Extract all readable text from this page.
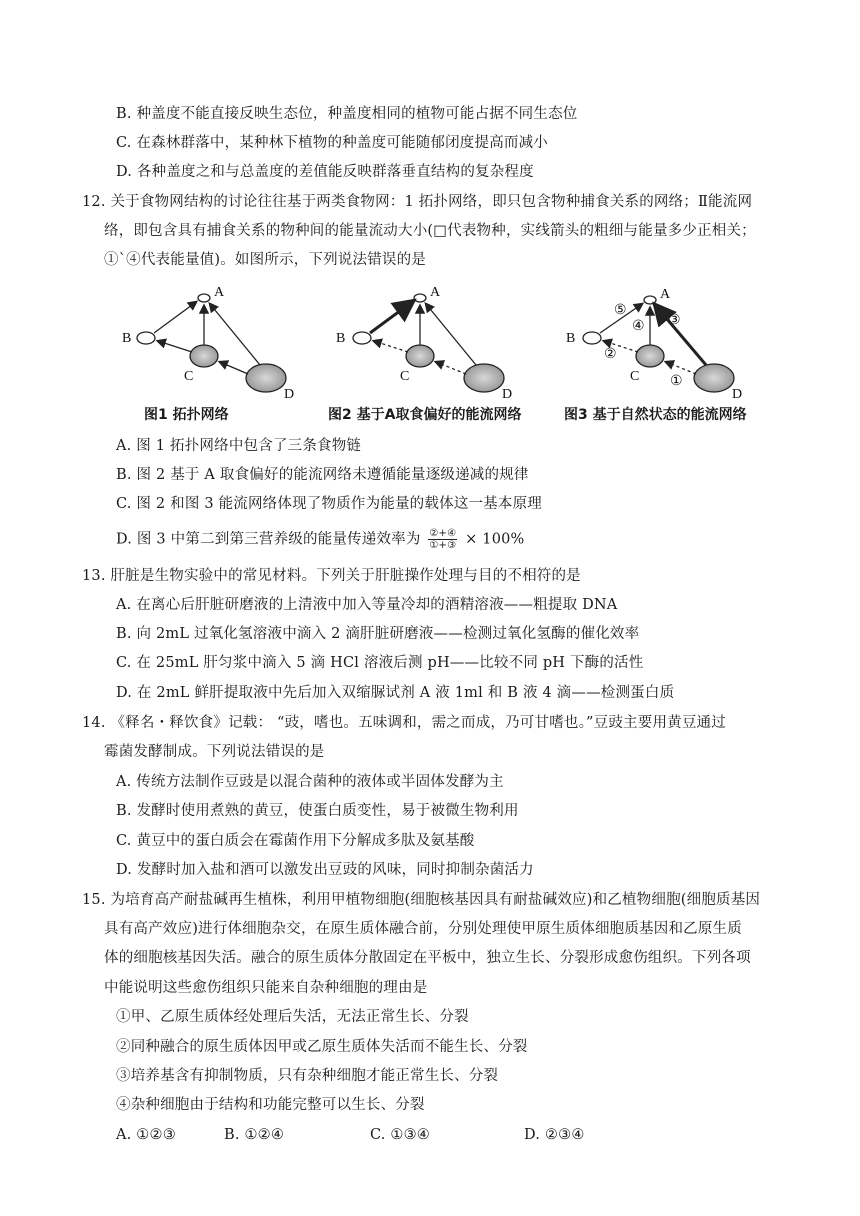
B. 种盖度不能直接反映生态位，种盖度相同的植物可能占据不同生态位
C. 在森林群落中，某种林下植物的种盖度可能随郁闭度提高而减小
D. 各种盖度之和与总盖度的差值能反映群落垂直结构的复杂程度
12. 关于食物网结构的讨论往往基于两类食物网：1 拓扑网络，即只包含物种捕食关系的网络；Ⅱ能流网
络，即包含具有捕食关系的物种间的能量流动大小(□代表物种，实线箭头的粗细与能量多少正相关；
①`④代表能量值)。如图所示，下列说法错误的是
A
B
C
D
A
B
C
D
A
B
C
D
①
②
③
④
⑤
图1 拓扑网络	图2 基于A取食偏好的能流网络	图3 基于自然状态的能流网络
A. 图 1 拓扑网络中包含了三条食物链
B. 图 2 基于 A 取食偏好的能流网络未遵循能量逐级递减的规律
C. 图 2 和图 3 能流网络体现了物质作为能量的载体这一基本原理
D. 图 3 中第二到第三营养级的能量传递效率为 $\frac{\text{②+④}}{\text{①+③}} \times 100\%$
13. 肝脏是生物实验中的常见材料。下列关于肝脏操作处理与目的不相符的是
A. 在离心后肝脏研磨液的上清液中加入等量冷却的酒精溶液——粗提取 DNA
B. 向 2mL 过氧化氢溶液中滴入 2 滴肝脏研磨液——检测过氧化氢酶的催化效率
C. 在 25mL 肝匀浆中滴入 5 滴 HCl 溶液后测 pH——比较不同 pH 下酶的活性
D. 在 2mL 鲜肝提取液中先后加入双缩脲试剂 A 液 1ml 和 B 液 4 滴——检测蛋白质
14. 《释名・释饮食》记载： “豉，嗜也。五味调和，需之而成，乃可甘嗜也。”豆豉主要用黄豆通过
霉菌发酵制成。下列说法错误的是
A. 传统方法制作豆豉是以混合菌种的液体或半固体发酵为主
B. 发酵时使用煮熟的黄豆，使蛋白质变性，易于被微生物利用
C. 黄豆中的蛋白质会在霉菌作用下分解成多肽及氨基酸
D. 发酵时加入盐和酒可以激发出豆豉的风味，同时抑制杂菌活力
15. 为培育高产耐盐碱再生植株，利用甲植物细胞(细胞核基因具有耐盐碱效应)和乙植物细胞(细胞质基因
具有高产效应)进行体细胞杂交，在原生质体融合前，分别处理使甲原生质体细胞质基因和乙原生质
体的细胞核基因失活。融合的原生质体分散固定在平板中，独立生长、分裂形成愈伤组织。下列各项
中能说明这些愈伤组织只能来自杂种细胞的理由是
①甲、乙原生质体经处理后失活，无法正常生长、分裂
②同种融合的原生质体因甲或乙原生质体失活而不能生长、分裂
③培养基含有抑制物质，只有杂种细胞才能正常生长、分裂
④杂种细胞由于结构和功能完整可以生长、分裂
A. ①②③	B. ①②④	C. ①③④	D. ②③④
